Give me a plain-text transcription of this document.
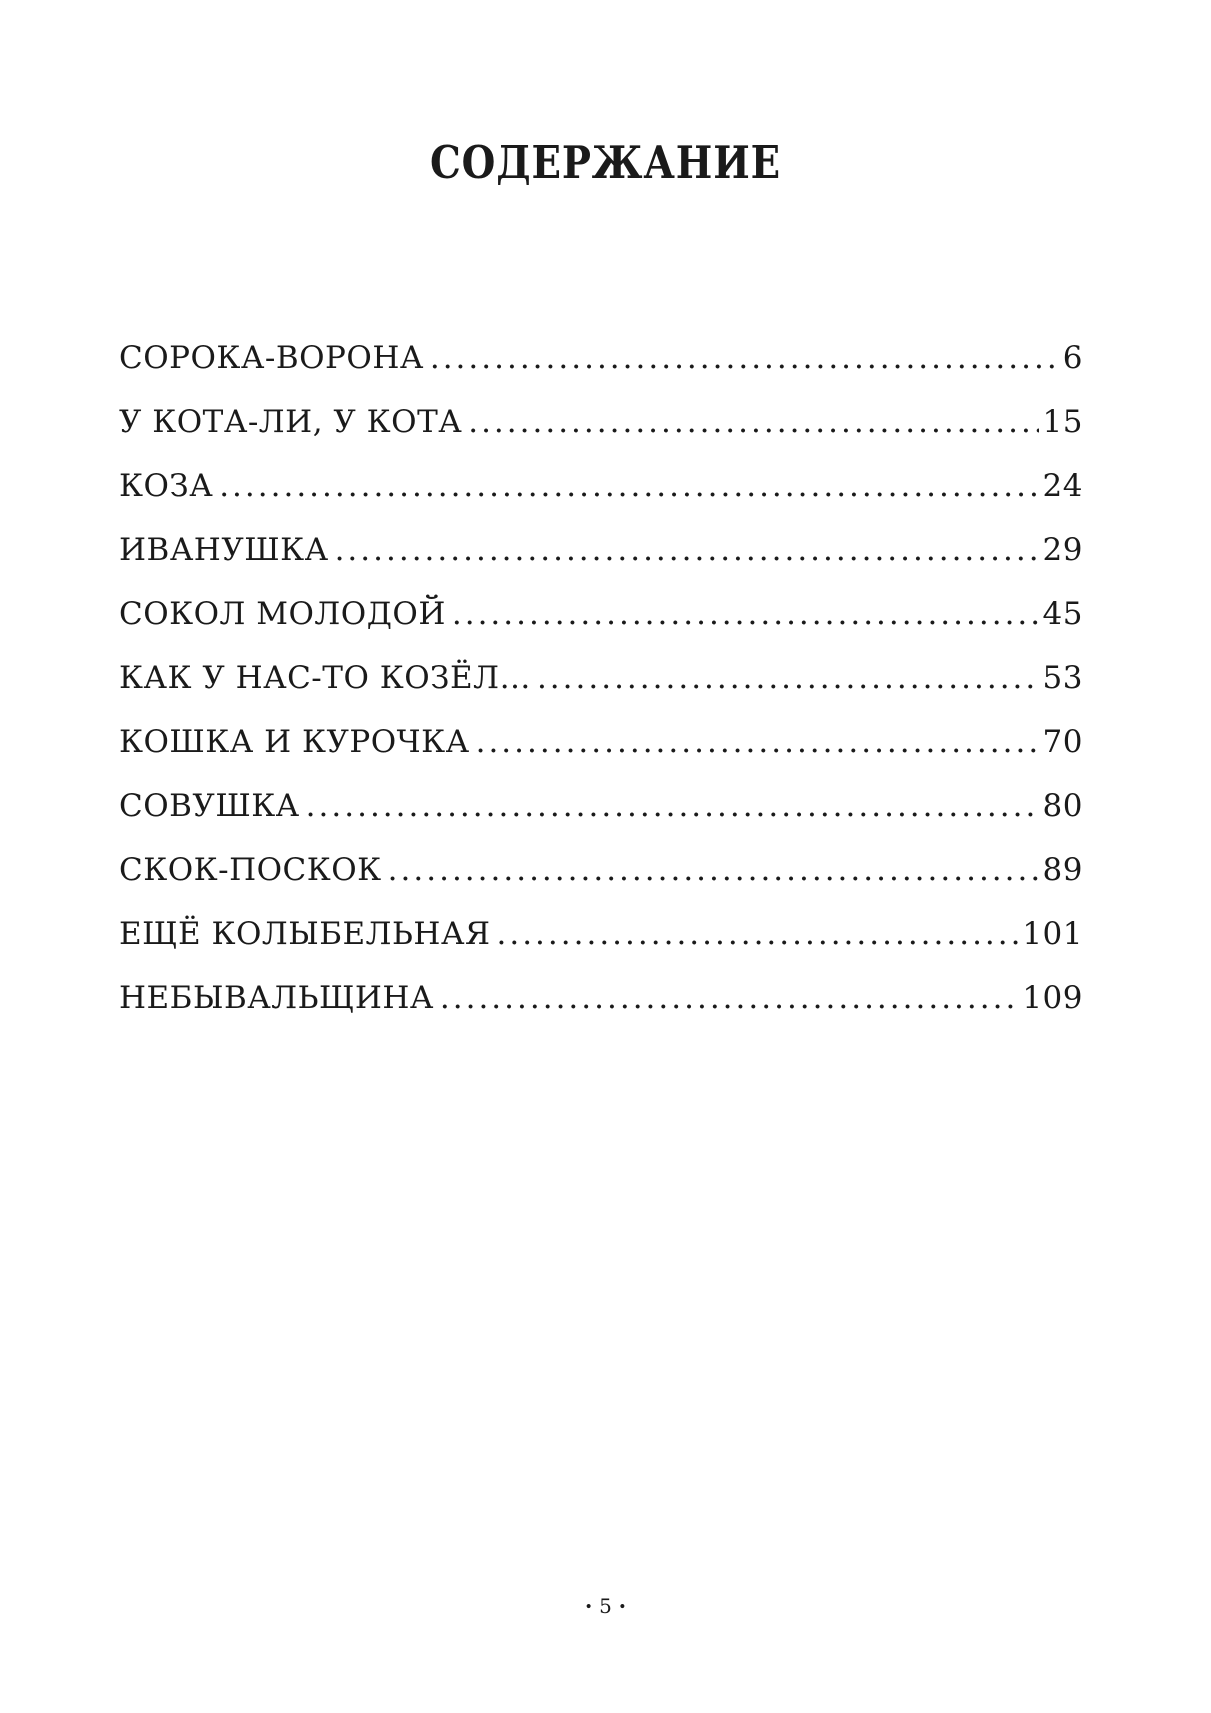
СОДЕРЖАНИЕ
СОРОКА-ВОРОНА .....	6
У КОТА-ЛИ, У КОТА .....	15
КОЗА .....	24
ИВАНУШКА .....	29
СОКОЛ МОЛОДОЙ .....	45
КАК У НАС-ТО КОЗЁЛ… .....	53
КОШКА И КУРОЧКА .....	70
СОВУШКА .....	80
СКОК-ПОСКОК .....	89
ЕЩЁ КОЛЫБЕЛЬНАЯ .....	101
НЕБЫВАЛЬЩИНА .....	109
• 5 •
